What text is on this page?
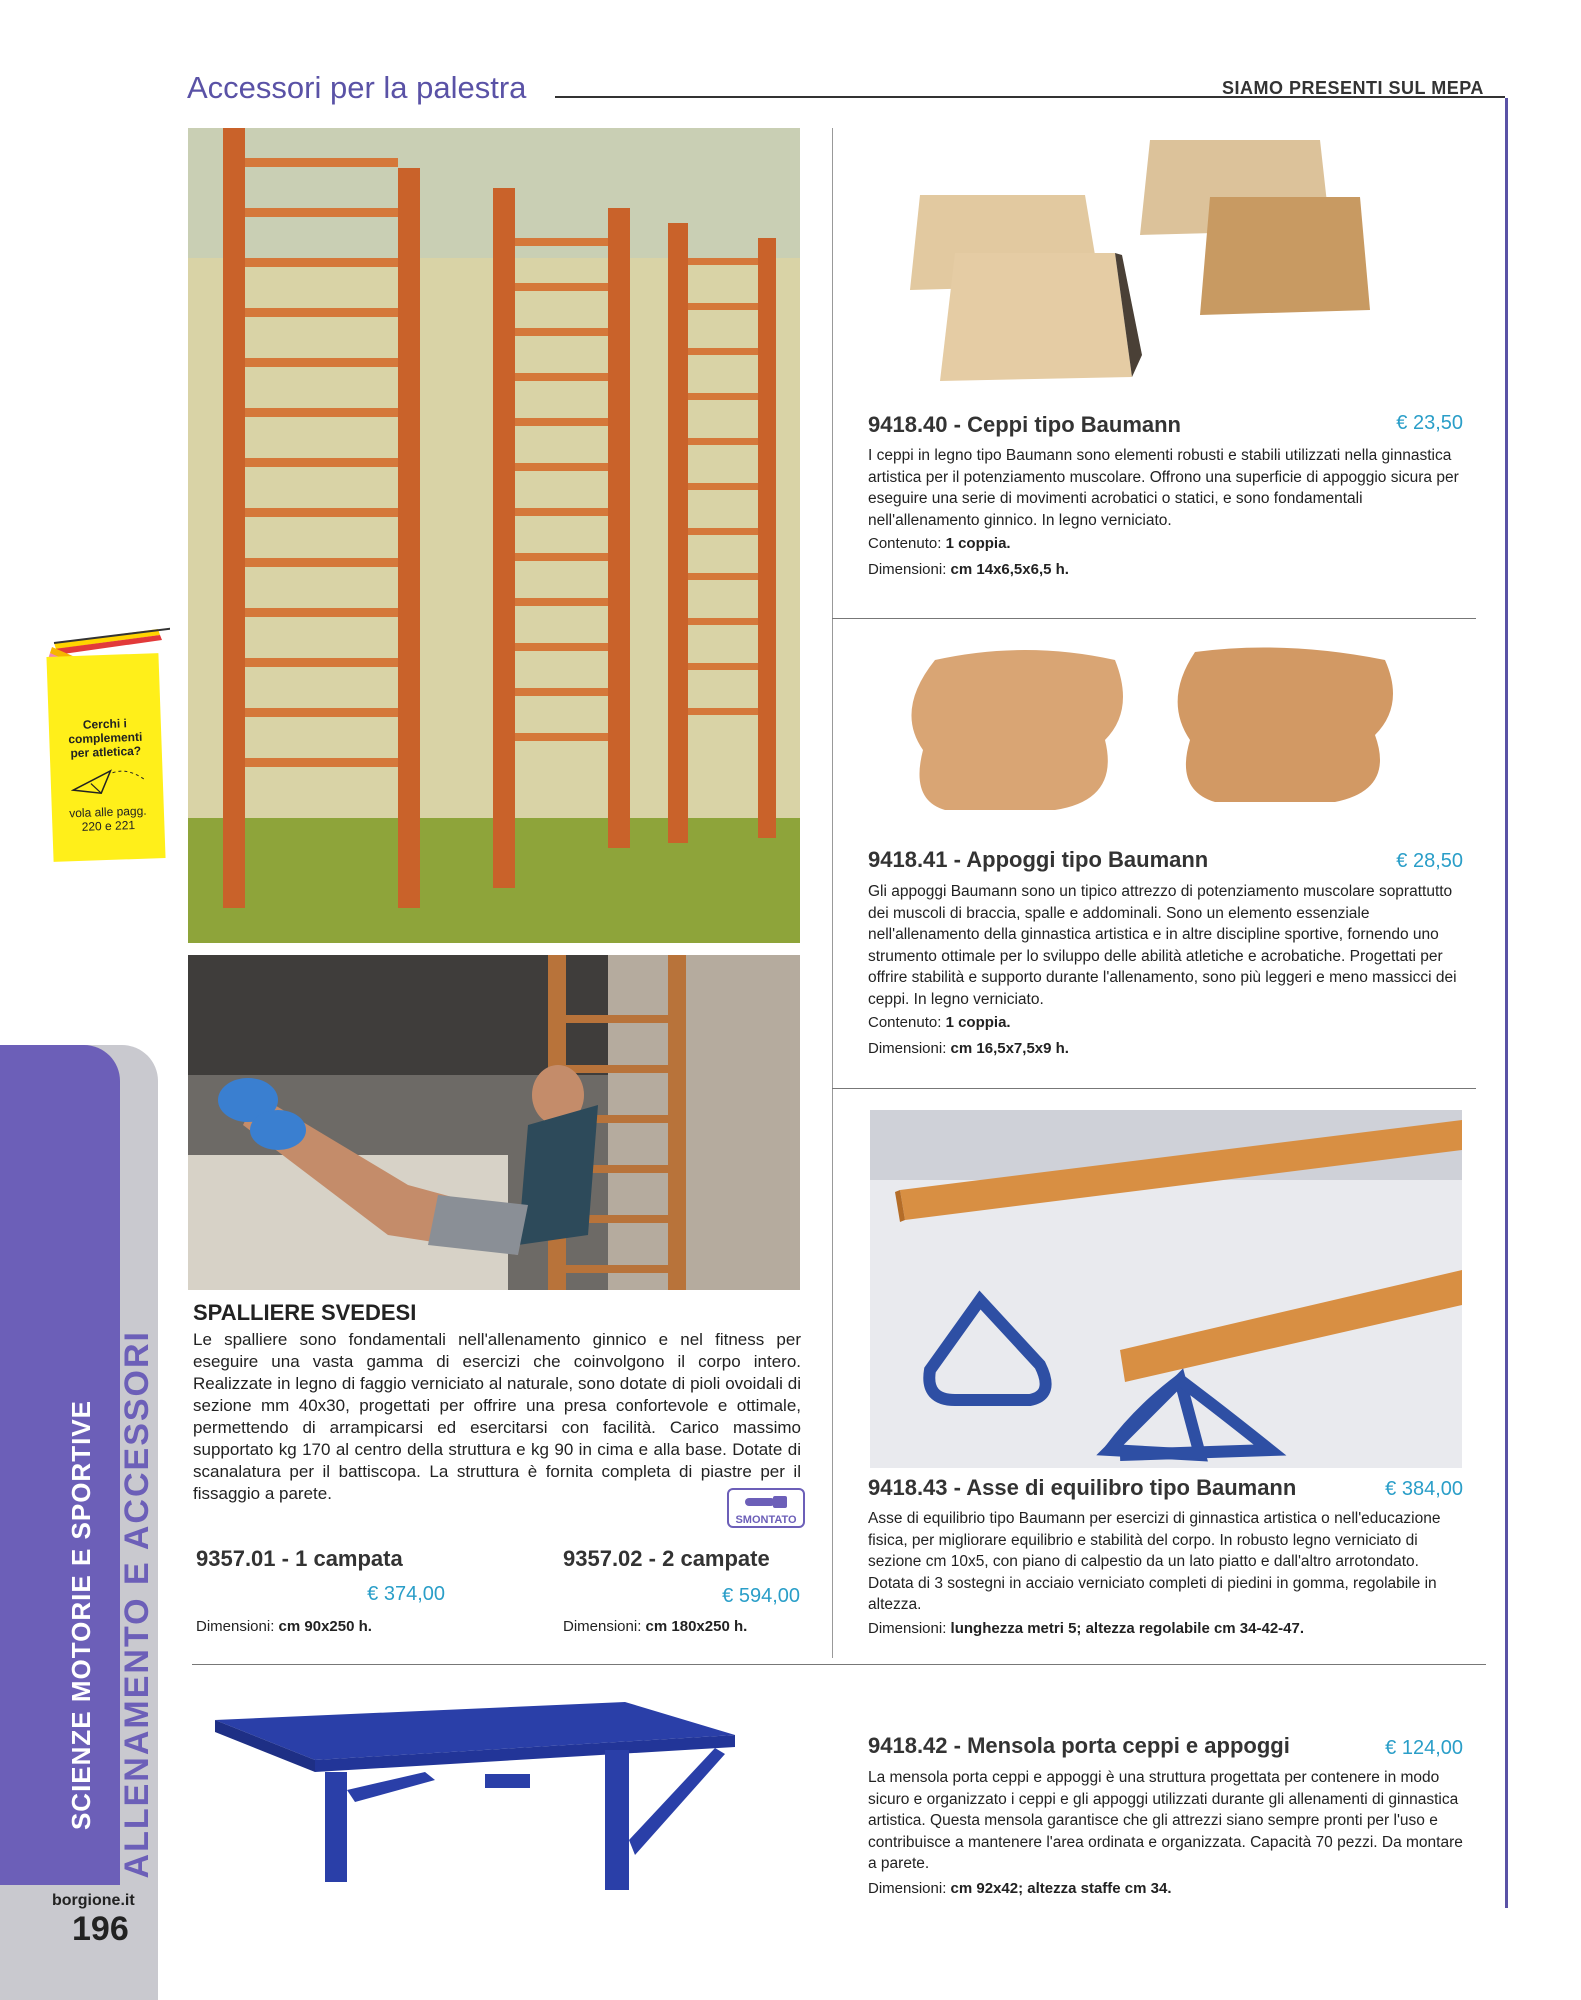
Accessori per la palestra	SIAMO PRESENTI SUL MEPA
SCIENZE MOTORIE E SPORTIVE ALLENAMENTO E ACCESSORI
borgione.it
196
Cerchi i
complementi
per atletica?
vola alle pagg.
220 e 221
SPALLIERE SVEDESI
Le spalliere sono fondamentali nell'allenamento ginnico e nel fitness per eseguire una vasta gamma di esercizi che coinvolgono il corpo intero. Realizzate in legno di faggio verniciato al naturale, sono dotate di pioli ovoidali di sezione mm 40x30, progettati per offrire una presa confortevole e ottimale, permettendo di arrampicarsi ed esercitarsi con facilità. Carico massimo supportato kg 170 al centro della struttura e kg 90 in cima e alla base. Dotate di scanalatura per il battiscopa. La struttura è fornita completa di piastre per il fissaggio a parete.
SMONTATO
9357.01 - 1 campata
€ 374,00
Dimensioni: cm 90x250 h.
9357.02 - 2 campate
€ 594,00
Dimensioni: cm 180x250 h.
9418.40 - Ceppi tipo Baumann	€ 23,50
I ceppi in legno tipo Baumann sono elementi robusti e stabili utilizzati nella ginnastica artistica per il potenziamento muscolare. Offrono una superficie di appoggio sicura per eseguire una serie di movimenti acrobatici o statici, e sono fondamentali nell'allenamento ginnico. In legno verniciato.
Contenuto: 1 coppia.
Dimensioni: cm 14x6,5x6,5 h.
9418.41 - Appoggi tipo Baumann	€ 28,50
Gli appoggi Baumann sono un tipico attrezzo di potenziamento muscolare soprattutto dei muscoli di braccia, spalle e addominali. Sono un elemento essenziale nell'allenamento della ginnastica artistica e in altre discipline sportive, fornendo uno strumento ottimale per lo sviluppo delle abilità atletiche e acrobatiche. Progettati per offrire stabilità e supporto durante l'allenamento, sono più leggeri e meno massicci dei ceppi. In legno verniciato.
Contenuto: 1 coppia.
Dimensioni: cm 16,5x7,5x9 h.
9418.43 - Asse di equilibro tipo Baumann	€ 384,00
Asse di equilibrio tipo Baumann per esercizi di ginnastica artistica o nell'educazione fisica, per migliorare equilibrio e stabilità del corpo. In robusto legno verniciato di sezione cm 10x5, con piano di calpestio da un lato piatto e dall'altro arrotondato. Dotata di 3 sostegni in acciaio verniciato completi di piedini in gomma, regolabile in altezza.
Dimensioni: lunghezza metri 5; altezza regolabile cm 34-42-47.
9418.42 - Mensola porta ceppi e appoggi	€ 124,00
La mensola porta ceppi e appoggi è una struttura progettata per contenere in modo sicuro e organizzato i ceppi e gli appoggi utilizzati durante gli allenamenti di ginnastica artistica. Questa mensola garantisce che gli attrezzi siano sempre pronti per l'uso e contribuisce a mantenere l'area ordinata e organizzata. Capacità 70 pezzi. Da montare a parete.
Dimensioni: cm 92x42; altezza staffe cm 34.
